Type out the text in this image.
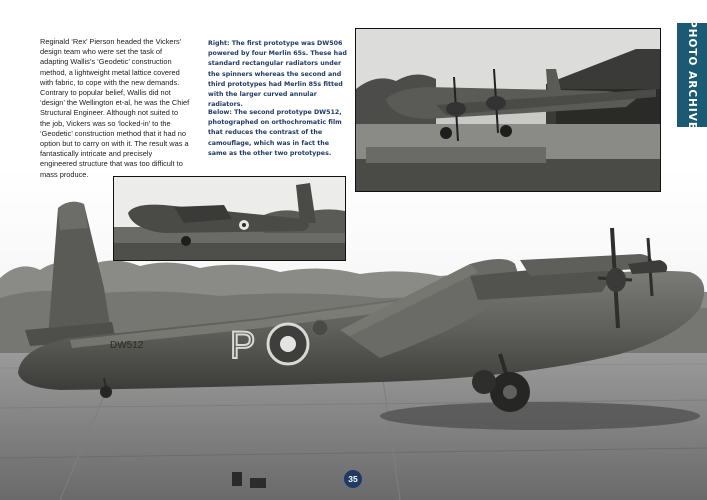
P
DW512

Reginald ‘Rex’ Pierson headed the Vickers’ design team who were set the task of adapting Wallis’s ‘Geodetic’ construction method, a lightweight metal lattice covered with fabric, to cope with the new demands. Contrary to popular belief, Wallis did not ‘design’ the Wellington et-al, he was the Chief Structural Engineer. Although not suited to the job, Vickers was so ‘locked-in’ to the ‘Geodetic’ construction method that it had no option but to carry on with it. The result was a fantastically intricate and precisely engineered structure that was too difficult to mass produce.

Right: The first prototype was DW506 powered by four Merlin 65s. These had standard rectangular radiators under the spinners whereas the second and third prototypes had Merlin 85s fitted with the larger curved annular radiators.

Below: The second prototype DW512, photographed on orthochromatic film that reduces the contrast of the camouflage, which was in fact the same as the other two prototypes.

PHOTO ARCHIVE
35
